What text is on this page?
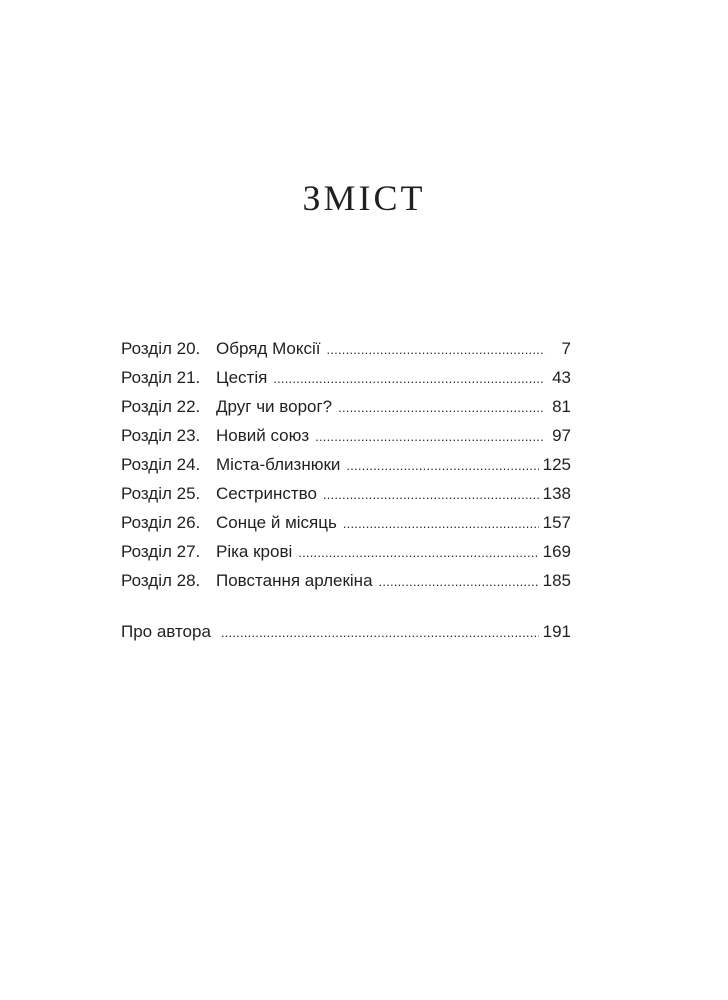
ЗМІСТ
Розділ 20. Обряд Моксії .....	7
Розділ 21. Цестія .....	43
Розділ 22. Друг чи ворог? .....	81
Розділ 23. Новий союз .....	97
Розділ 24. Міста-близнюки .....	125
Розділ 25. Сестринство .....	138
Розділ 26. Сонце й місяць .....	157
Розділ 27. Ріка крові .....	169
Розділ 28. Повстання арлекіна .....	185
Про автора .....	191
